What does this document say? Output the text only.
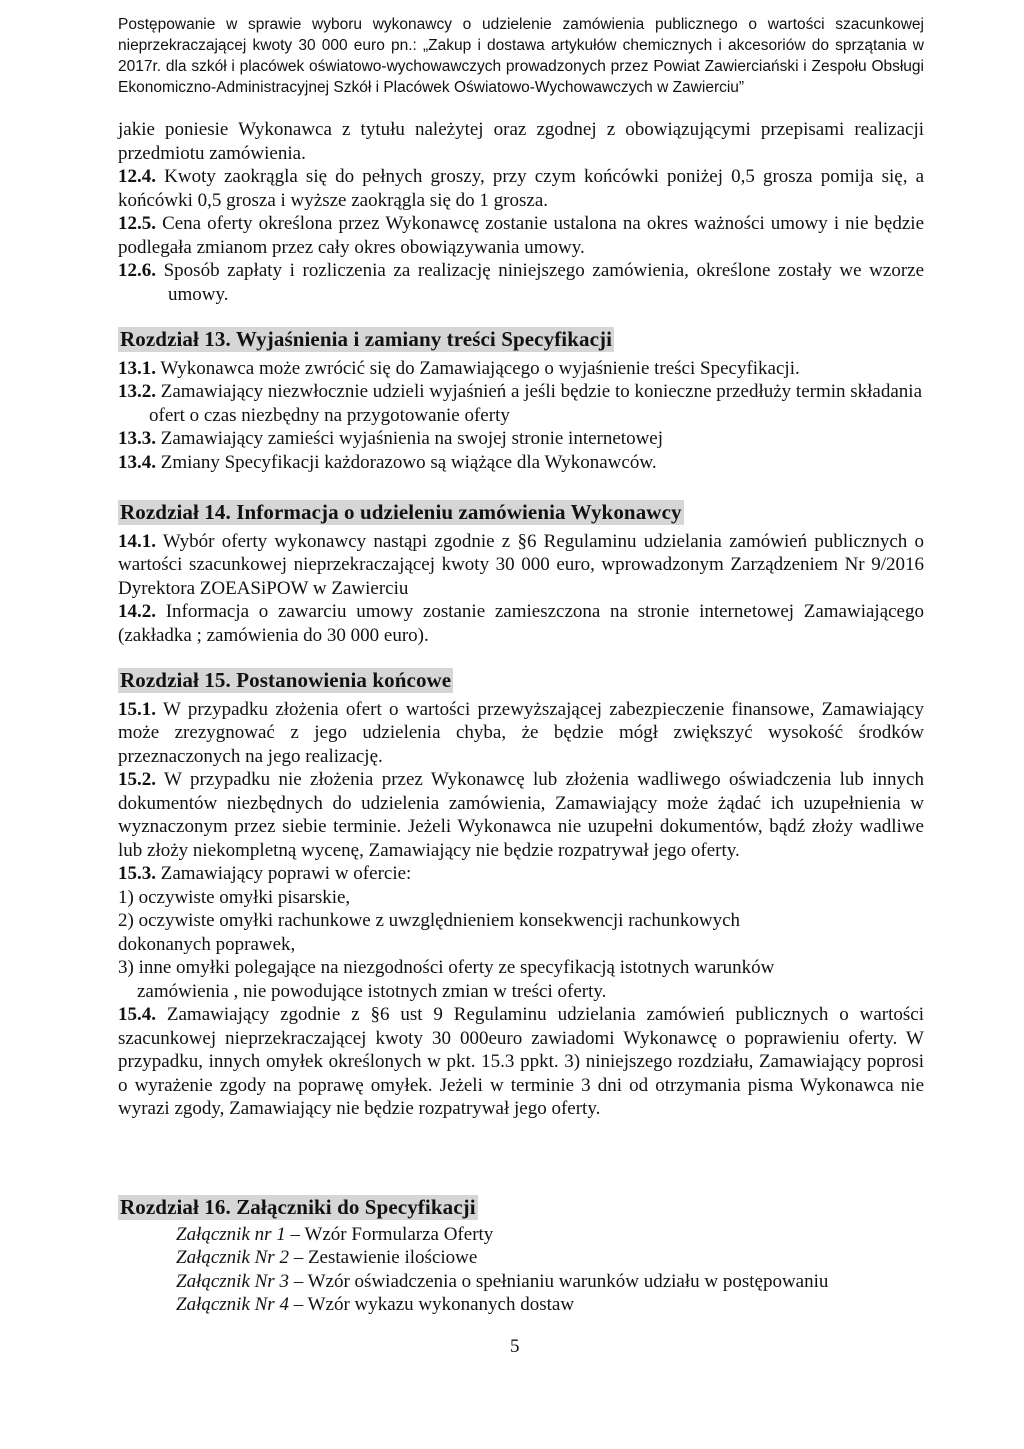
Postępowanie w sprawie wyboru wykonawcy o udzielenie zamówienia publicznego o wartości szacunkowej nieprzekraczającej kwoty 30 000 euro pn.: „Zakup i dostawa artykułów chemicznych i akcesoriów do sprzątania w 2017r. dla szkół i placówek oświatowo-wychowawczych prowadzonych przez Powiat Zawierciański i Zespołu Obsługi Ekonomiczno-Administracyjnej Szkół i Placówek Oświatowo-Wychowawczych w Zawierciu”

jakie poniesie Wykonawca z tytułu należytej oraz zgodnej z obowiązującymi przepisami realizacji przedmiotu zamówienia.

12.4. Kwoty zaokrągla się do pełnych groszy, przy czym końcówki poniżej 0,5 grosza pomija się, a końcówki 0,5 grosza i wyższe zaokrągla się do 1 grosza.

12.5. Cena oferty określona przez Wykonawcę zostanie ustalona na okres ważności umowy i nie będzie podlegała zmianom przez cały okres obowiązywania umowy.

12.6. Sposób zapłaty i rozliczenia za realizację niniejszego zamówienia, określone zostały we wzorze umowy.

Rozdział 13. Wyjaśnienia i zamiany treści Specyfikacji

13.1. Wykonawca może zwrócić się do Zamawiającego o wyjaśnienie treści Specyfikacji.

13.2. Zamawiający niezwłocznie udzieli wyjaśnień a jeśli będzie to konieczne przedłuży termin składania ofert o czas niezbędny na przygotowanie oferty

13.3. Zamawiający zamieści wyjaśnienia na swojej stronie internetowej

13.4. Zmiany Specyfikacji każdorazowo są wiążące dla Wykonawców.

Rozdział 14. Informacja o udzieleniu zamówienia Wykonawcy

14.1. Wybór oferty wykonawcy nastąpi zgodnie z §6 Regulaminu udzielania zamówień publicznych o wartości szacunkowej nieprzekraczającej kwoty 30 000 euro, wprowadzonym Zarządzeniem Nr 9/2016 Dyrektora ZOEASiPOW w Zawierciu

14.2. Informacja o zawarciu umowy zostanie zamieszczona na stronie internetowej Zamawiającego (zakładka ; zamówienia do 30 000 euro).

Rozdział 15. Postanowienia końcowe

15.1. W przypadku złożenia ofert o wartości przewyższającej zabezpieczenie finansowe, Zamawiający może zrezygnować z jego udzielenia chyba, że będzie mógł zwiększyć wysokość środków przeznaczonych na jego realizację.

15.2. W przypadku nie złożenia przez Wykonawcę lub złożenia wadliwego oświadczenia lub innych dokumentów niezbędnych do udzielenia zamówienia, Zamawiający może żądać ich uzupełnienia w wyznaczonym przez siebie terminie. Jeżeli Wykonawca nie uzupełni dokumentów, bądź złoży wadliwe lub złoży niekompletną wycenę, Zamawiający nie będzie rozpatrywał jego oferty.

15.3. Zamawiający poprawi w ofercie:

1) oczywiste omyłki pisarskie,

2) oczywiste omyłki rachunkowe z uwzględnieniem konsekwencji rachunkowych

dokonanych poprawek,

3) inne omyłki polegające na niezgodności oferty ze specyfikacją istotnych warunków

zamówienia , nie powodujące istotnych zmian w treści oferty.

15.4. Zamawiający zgodnie z §6 ust 9 Regulaminu udzielania zamówień publicznych o wartości szacunkowej nieprzekraczającej kwoty 30 000euro zawiadomi Wykonawcę o poprawieniu oferty. W przypadku, innych omyłek określonych w pkt. 15.3 ppkt. 3) niniejszego rozdziału, Zamawiający poprosi o wyrażenie zgody na poprawę omyłek. Jeżeli w terminie 3 dni od otrzymania pisma Wykonawca nie wyrazi zgody, Zamawiający nie będzie rozpatrywał jego oferty.

Rozdział 16. Załączniki do Specyfikacji

Załącznik nr 1 – Wzór Formularza Oferty

Załącznik Nr 2 – Zestawienie ilościowe

Załącznik Nr 3 – Wzór oświadczenia o spełnianiu warunków udziału w postępowaniu

Załącznik Nr 4 – Wzór wykazu wykonanych dostaw

5
